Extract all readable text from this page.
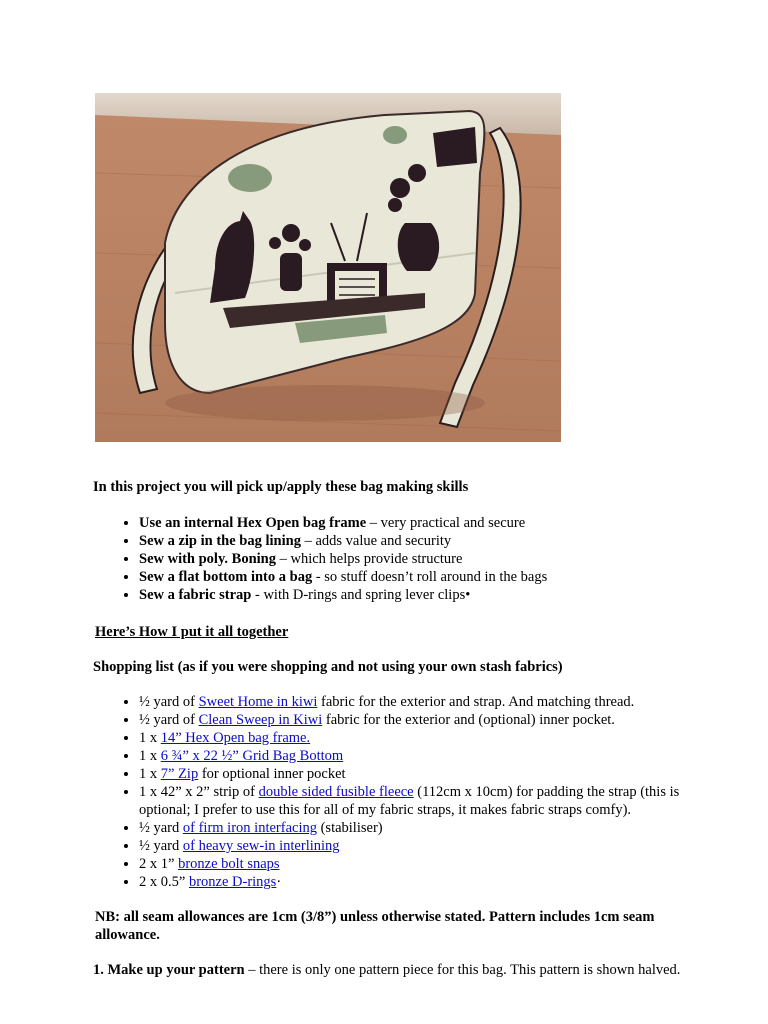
In this project you will pick up/apply these bag making skills

• Use an internal Hex Open bag frame – very practical and secure
• Sew a zip in the bag lining – adds value and security
• Sew with poly. Boning – which helps provide structure
• Sew a flat bottom into a bag - so stuff doesn’t roll around in the bags
• Sew a fabric strap - with D-rings and spring lever clips•

Here’s How I put it all together

Shopping list (as if you were shopping and not using your own stash fabrics)

• ½ yard of Sweet Home in kiwi fabric for the exterior and strap. And matching thread.
• ½ yard of Clean Sweep in Kiwi fabric for the exterior and (optional) inner pocket.
• 1 x 14” Hex Open bag frame.
• 1 x 6 ¾” x 22 ½” Grid Bag Bottom
• 1 x 7” Zip for optional inner pocket
• 1 x 42” x 2” strip of double sided fusible fleece (112cm x 10cm) for padding the strap (this is optional; I prefer to use this for all of my fabric straps, it makes fabric straps comfy).
• ½ yard of firm iron interfacing (stabiliser)
• ½ yard of heavy sew-in interlining
• 2 x 1” bronze bolt snaps
• 2 x 0.5” bronze D-rings·

NB: all seam allowances are 1cm (3/8”) unless otherwise stated. Pattern includes 1cm seam allowance.

1. Make up your pattern – there is only one pattern piece for this bag. This pattern is shown halved.
